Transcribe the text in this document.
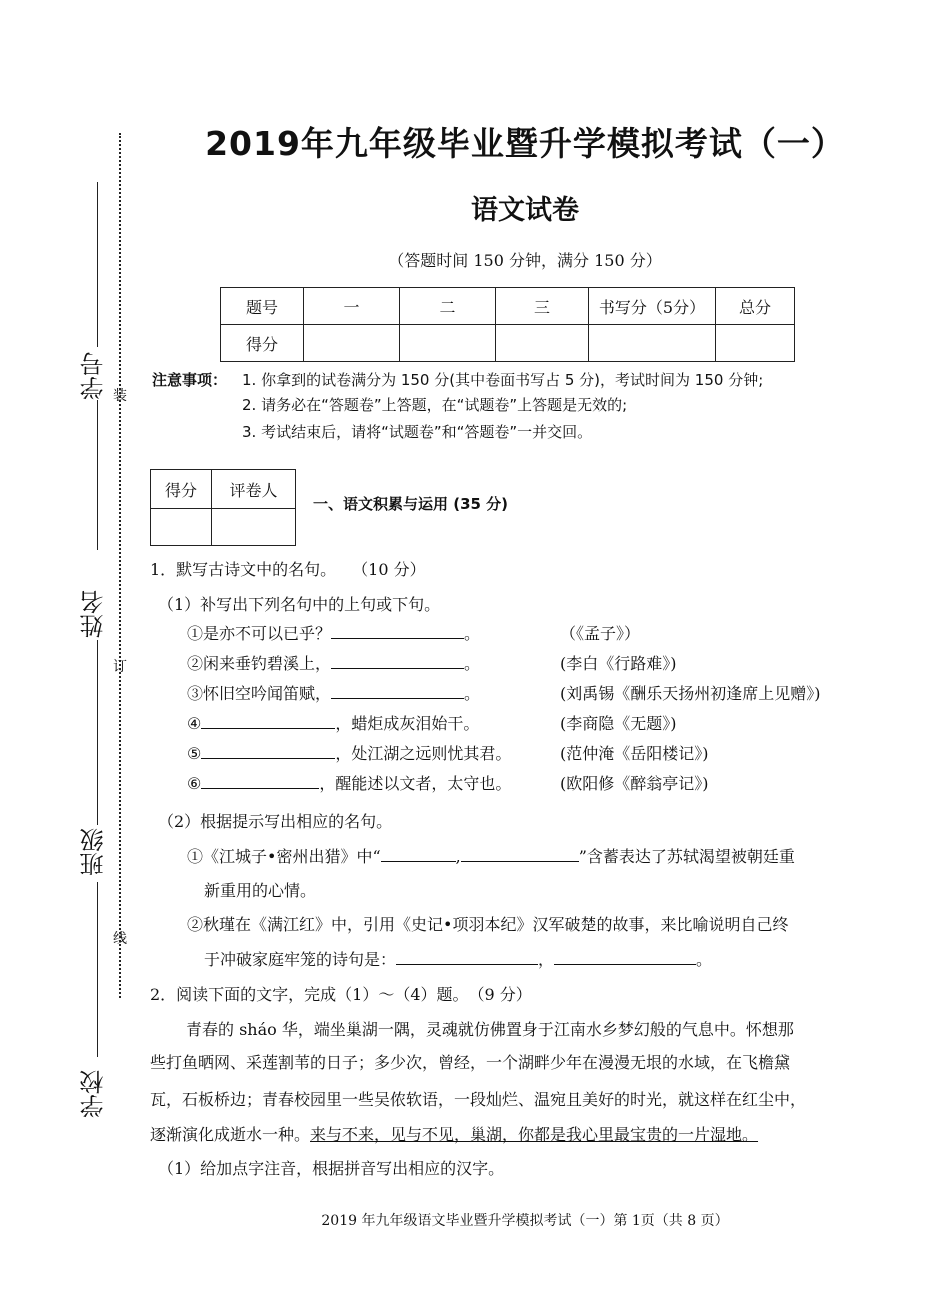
学号
姓名
班级
学校
装
订
线
2019年九年级毕业暨升学模拟考试（一）
语文试卷
（答题时间 150 分钟，满分 150 分）
题号	一	二	三	书写分（5分）	总分
得分					
注意事项： 1. 你拿到的试卷满分为 150 分(其中卷面书写占 5 分)，考试时间为 150 分钟;
2. 请务必在“答题卷”上答题，在“试题卷”上答题是无效的;
3. 考试结束后，请将“试题卷”和“答题卷”一并交回。
得分	评卷人

一、语文积累与运用 (35 分)
1．默写古诗文中的名句。　　（10 分）
（1）补写出下列名句中的上句或下句。
①是亦不可以已乎？	。	（《孟子》）
②闲来垂钓碧溪上，	。	(李白《行路难》)
③怀旧空吟闻笛赋，	。	(刘禹锡《酬乐天扬州初逢席上见赠》)
④	，蜡炬成灰泪始干。	(李商隐《无题》)
⑤	，处江湖之远则忧其君。	(范仲淹《岳阳楼记》)
⑥	，醒能述以文者，太守也。	(欧阳修《醉翁亭记》)
（2）根据提示写出相应的名句。
①《江城子•密州出猎》中“	,	”含蓄表达了苏轼渴望被朝廷重
新重用的心情。
②秋瑾在《满江红》中，引用《史记•项羽本纪》汉军破楚的故事，来比喻说明自己终
于冲破家庭牢笼的诗句是：	，	。
2．阅读下面的文字，完成（1）～（4）题。　（9 分）
青春的 sháo 华，端坐巢湖一隅，灵魂就仿佛置身于江南水乡梦幻般的气息中。怀想那
些打鱼晒网、采莲割苇的日子；多少次，曾经，一个湖畔少年在漫漫无垠的水域，在飞檐黛
瓦，石板桥边；青春校园里一些吴侬软语，一段灿烂、温宛且美好的时光，就这样在红尘中，
逐渐演化成逝水一种。来与不来，见与不见，巢湖，你都是我心里最宝贵的一片湿地。
（1）给加点字注音，根据拼音写出相应的汉字。
2019 年九年级语文毕业暨升学模拟考试（一）第 1页（共 8 页）
